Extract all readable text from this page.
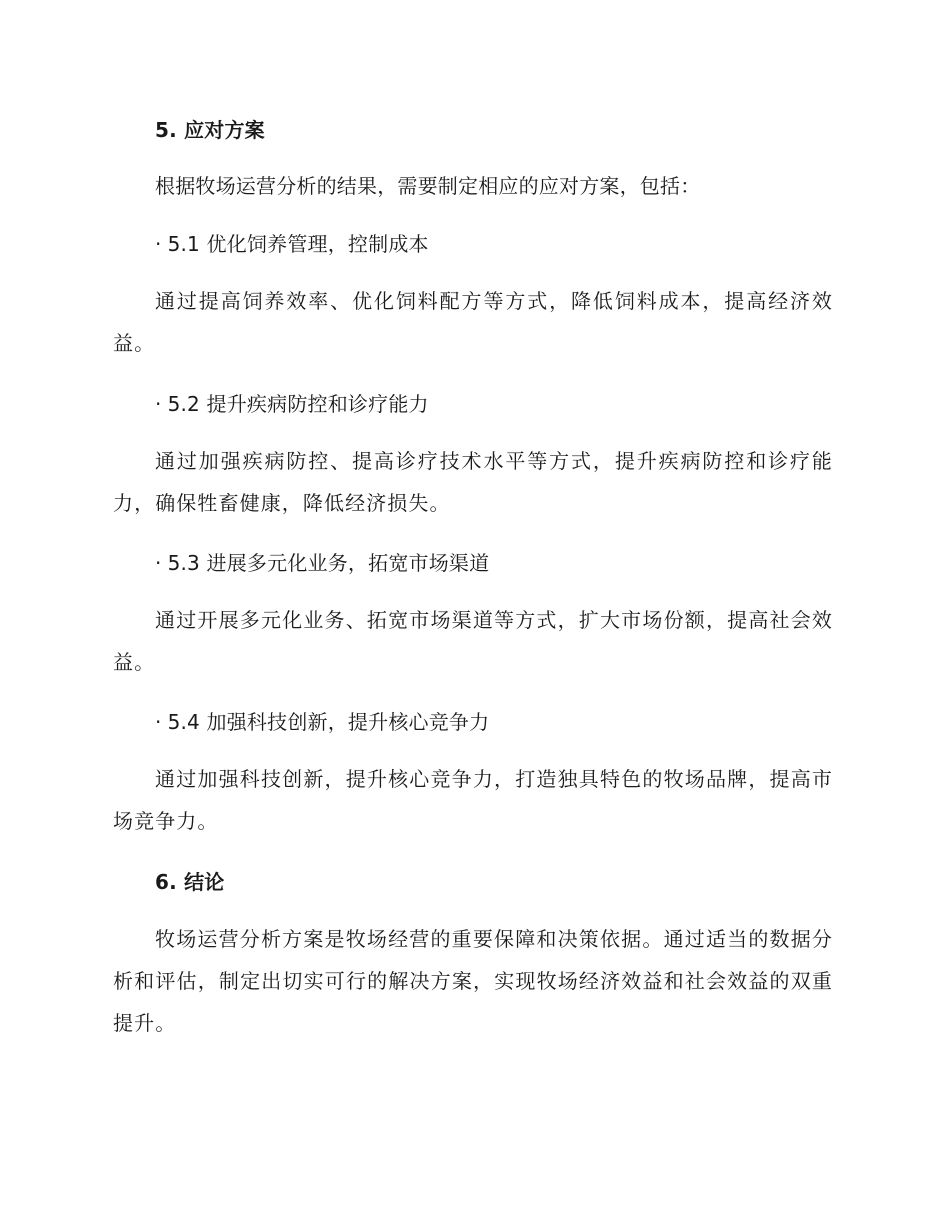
5. 应对方案
根据牧场运营分析的结果，需要制定相应的应对方案，包括：
· 5.1 优化饲养管理，控制成本
通过提高饲养效率、优化饲料配方等方式，降低饲料成本，提高经济效益。
· 5.2 提升疾病防控和诊疗能力
通过加强疾病防控、提高诊疗技术水平等方式，提升疾病防控和诊疗能力，确保牲畜健康，降低经济损失。
· 5.3 进展多元化业务，拓宽市场渠道
通过开展多元化业务、拓宽市场渠道等方式，扩大市场份额，提高社会效益。
· 5.4 加强科技创新，提升核心竞争力
通过加强科技创新，提升核心竞争力，打造独具特色的牧场品牌，提高市场竞争力。
6. 结论
牧场运营分析方案是牧场经营的重要保障和决策依据。通过适当的数据分析和评估，制定出切实可行的解决方案，实现牧场经济效益和社会效益的双重提升。
